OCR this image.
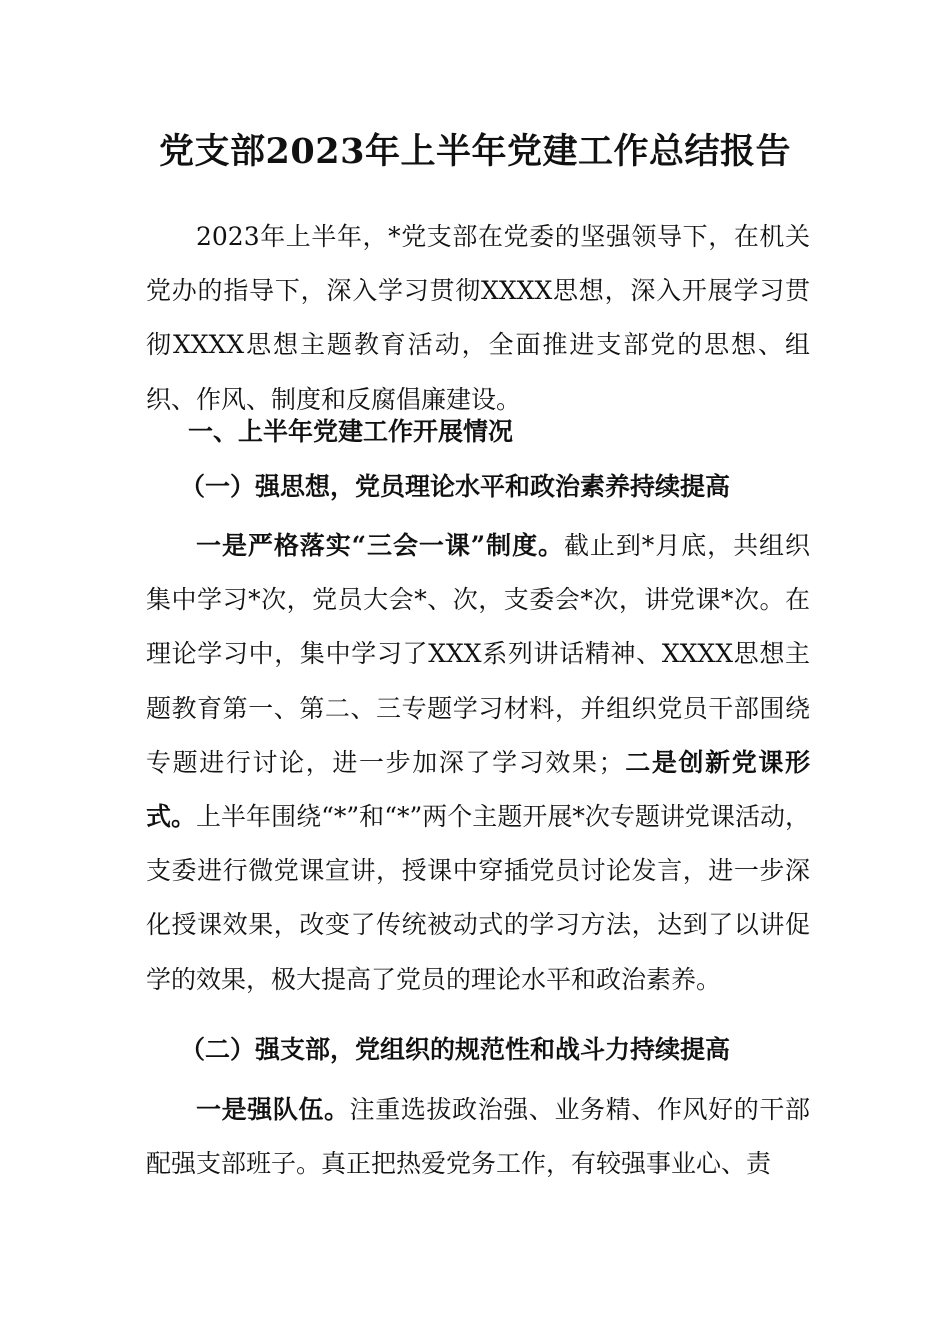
党支部2023年上半年党建工作总结报告

2023年上半年，*党支部在党委的坚强领导下，在机关党办的指导下，深入学习贯彻XXXX思想，深入开展学习贯彻XXXX思想主题教育活动，全面推进支部党的思想、组织、作风、制度和反腐倡廉建设。

一、上半年党建工作开展情况

（一）强思想，党员理论水平和政治素养持续提高

一是严格落实“三会一课”制度。截止到*月底，共组织集中学习*次，党员大会*、次，支委会*次，讲党课*次。在理论学习中，集中学习了XXX系列讲话精神、XXXX思想主题教育第一、第二、三专题学习材料，并组织党员干部围绕专题进行讨论，进一步加深了学习效果；二是创新党课形式。上半年围绕“*”和“*”两个主题开展*次专题讲党课活动，支委进行微党课宣讲，授课中穿插党员讨论发言，进一步深化授课效果，改变了传统被动式的学习方法，达到了以讲促学的效果，极大提高了党员的理论水平和政治素养。

（二）强支部，党组织的规范性和战斗力持续提高

一是强队伍。注重选拔政治强、业务精、作风好的干部配强支部班子。真正把热爱党务工作，有较强事业心、责
